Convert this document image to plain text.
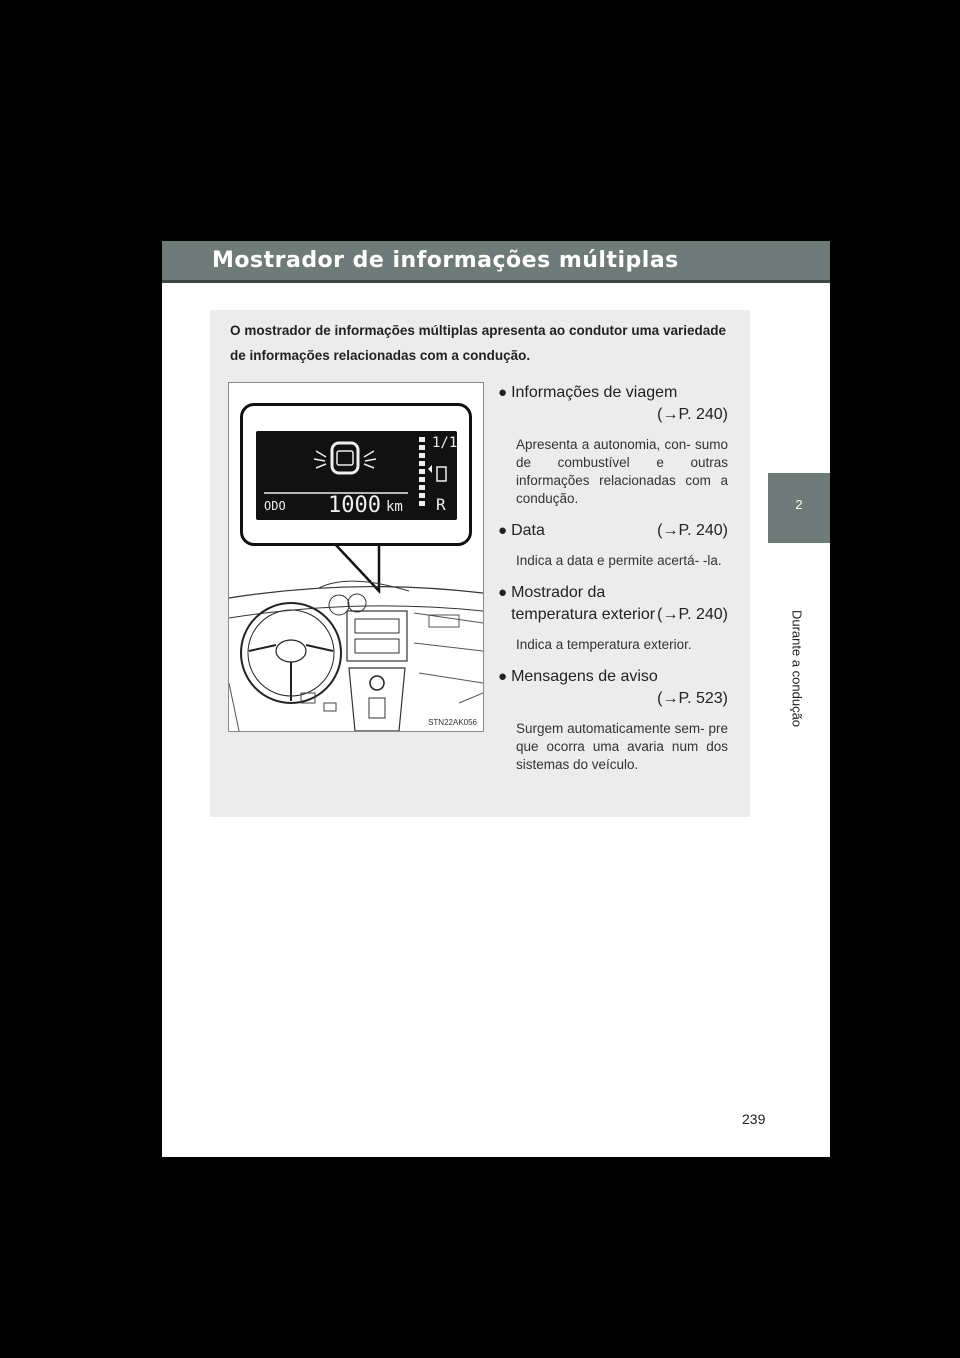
Mostrador de informações múltiplas
2
Durante a condução
O mostrador de informações múltiplas apresenta ao condutor uma variedade de informações relacionadas com a condução.
1/1
ODO 1000 km R
STN22AK056
● Informações de viagem
(→P. 240)
Apresenta a autonomia, con- sumo de combustível e outras informações relacionadas com a condução.
● Data	(→P. 240)
Indica a data e permite acertá- -la.
● Mostrador da temperatura exterior (→P. 240)
Indica a temperatura exterior.
● Mensagens de aviso
(→P. 523)
Surgem automaticamente sem- pre que ocorra uma avaria num dos sistemas do veículo.
239
